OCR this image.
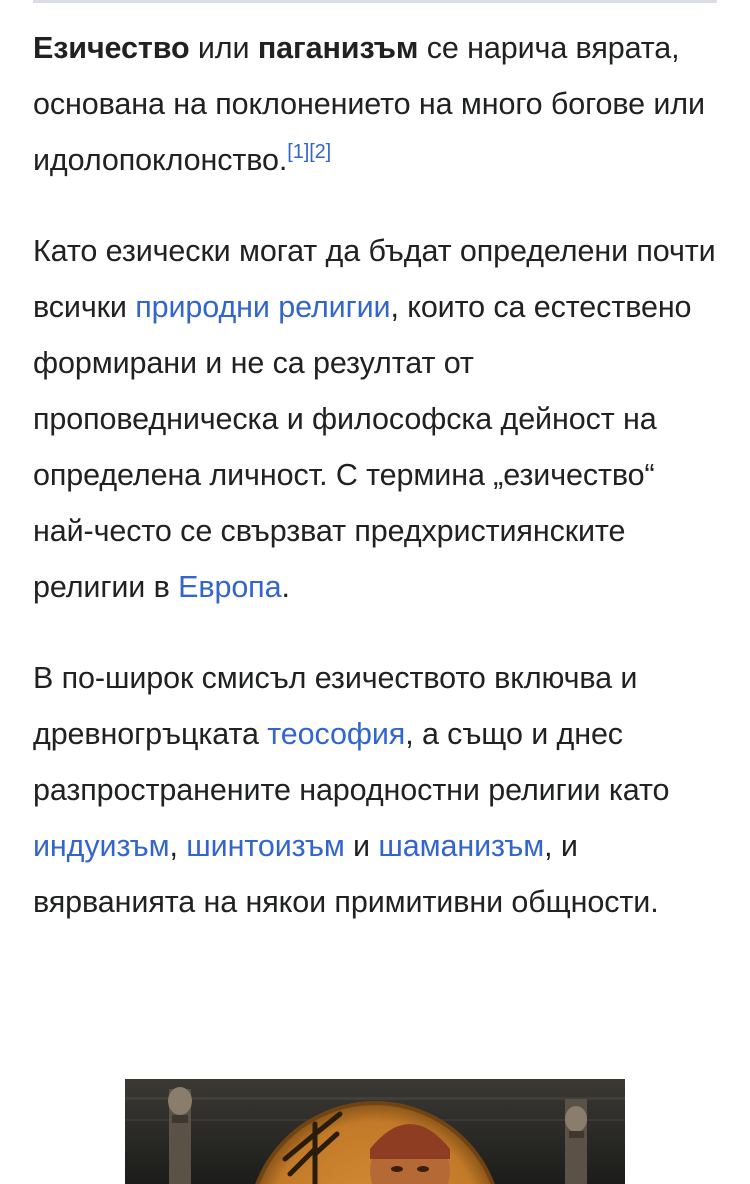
Езичество или паганизъм се нарича вярата, основана на поклонението на много богове или идолопоклонство.[1][2]

Като езически могат да бъдат определени почти всички природни религии, които са естествено формирани и не са резултат от проповедническа и философска дейност на определена личност. С термина „езичество“ най-често се свързват предхристиянските религии в Европа.

В по-широк смисъл езичеството включва и древногръцката теософия, а също и днес разпространените народностни религии като индуизъм, шинтоизъм и шаманизъм, и вярванията на някои примитивни общности.
